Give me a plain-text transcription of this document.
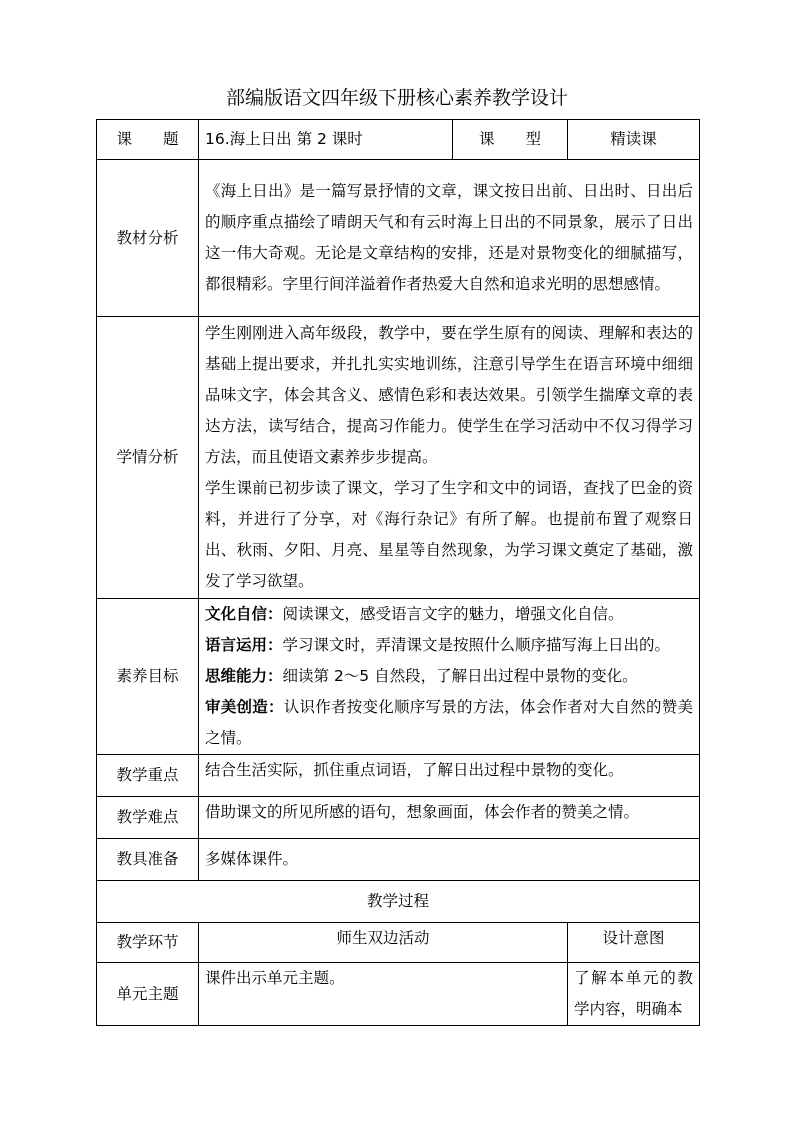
部编版语文四年级下册核心素养教学设计
课　　题	16.海上日出 第 2 课时	课　　型	精读课
教材分析	《海上日出》是一篇写景抒情的文章，课文按日出前、日出时、日出后的顺序重点描绘了晴朗天气和有云时海上日出的不同景象，展示了日出这一伟大奇观。无论是文章结构的安排，还是对景物变化的细腻描写，都很精彩。字里行间洋溢着作者热爱大自然和追求光明的思想感情。		
学情分析	学生刚刚进入高年级段，教学中，要在学生原有的阅读、理解和表达的基础上提出要求，并扎扎实实地训练，注意引导学生在语言环境中细细品味文字，体会其含义、感情色彩和表达效果。引领学生揣摩文章的表达方法，读写结合，提高习作能力。使学生在学习活动中不仅习得学习方法，而且使语文素养步步提高。
学生课前已初步读了课文，学习了生字和文中的词语，查找了巴金的资料，并进行了分享，对《海行杂记》有所了解。也提前布置了观察日出、秋雨、夕阳、月亮、星星等自然现象，为学习课文奠定了基础，激发了学习欲望。		

素养目标	文化自信：阅读课文，感受语言文字的魅力，增强文化自信。
语言运用：学习课文时，弄清课文是按照什么顺序描写海上日出的。
思维能力：细读第 2～5 自然段，了解日出过程中景物的变化。
审美创造：认识作者按变化顺序写景的方法，体会作者对大自然的赞美之情。		

教学重点	结合生活实际，抓住重点词语，了解日出过程中景物的变化。		
教学难点	借助课文的所见所感的语句，想象画面，体会作者的赞美之情。		
教具准备	多媒体课件。		
教学过程			
教学环节	师生双边活动		设计意图
单元主题	课件出示单元主题。		了解本单元的教学内容，明确本
